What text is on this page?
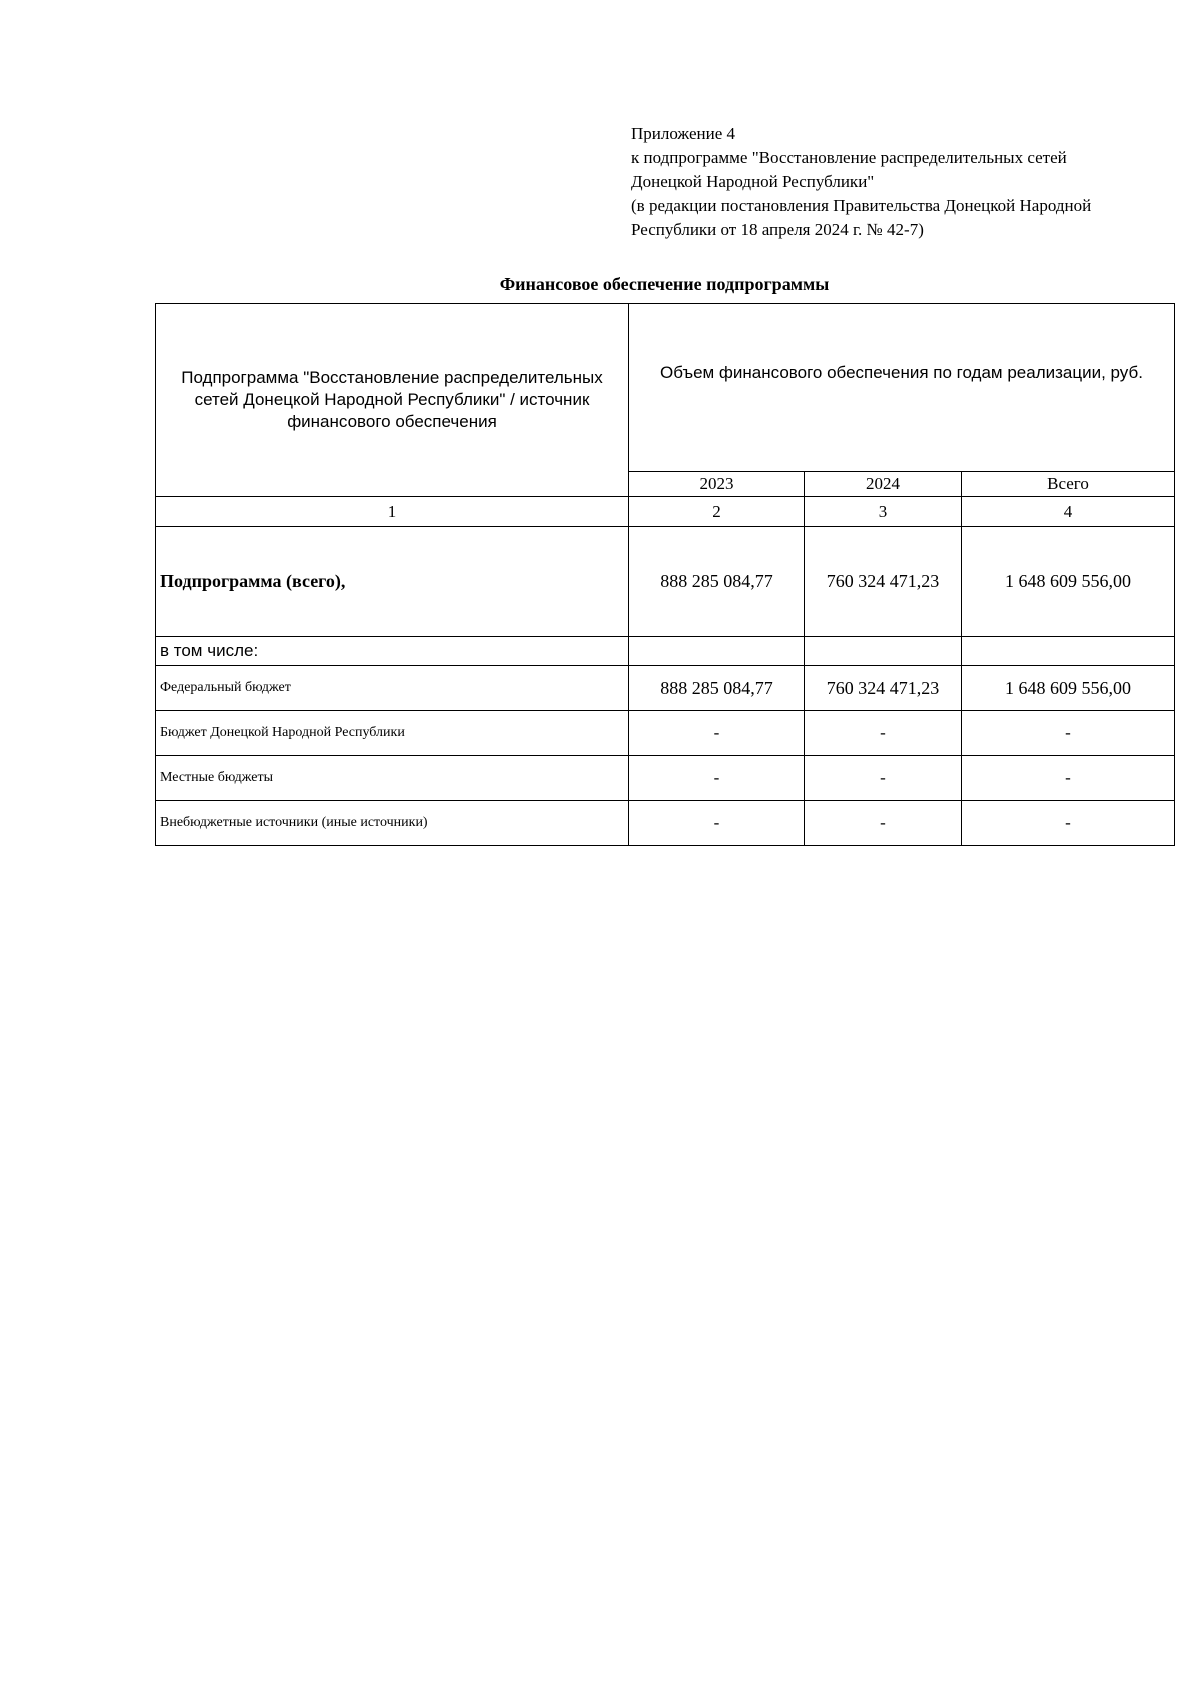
Приложение 4
к подпрограмме "Восстановление распределительных сетей
Донецкой Народной Республики"
(в редакции постановления Правительства Донецкой Народной
Республики от 18 апреля 2024 г. № 42-7)
Финансовое обеспечение подпрограммы
Подпрограмма "Восстановление распределительных сетей Донецкой Народной Республики" / источник финансового обеспечения	Объем финансового обеспечения по годам реализации, руб.		
	2023	2024	Всего
1	2	3	4
Подпрограмма (всего),	888 285 084,77	760 324 471,23	1 648 609 556,00
в том числе:			
Федеральный бюджет	888 285 084,77	760 324 471,23	1 648 609 556,00
Бюджет Донецкой Народной Республики	-	-	-
Местные бюджеты	-	-	-
Внебюджетные источники (иные источники)	-	-	-
